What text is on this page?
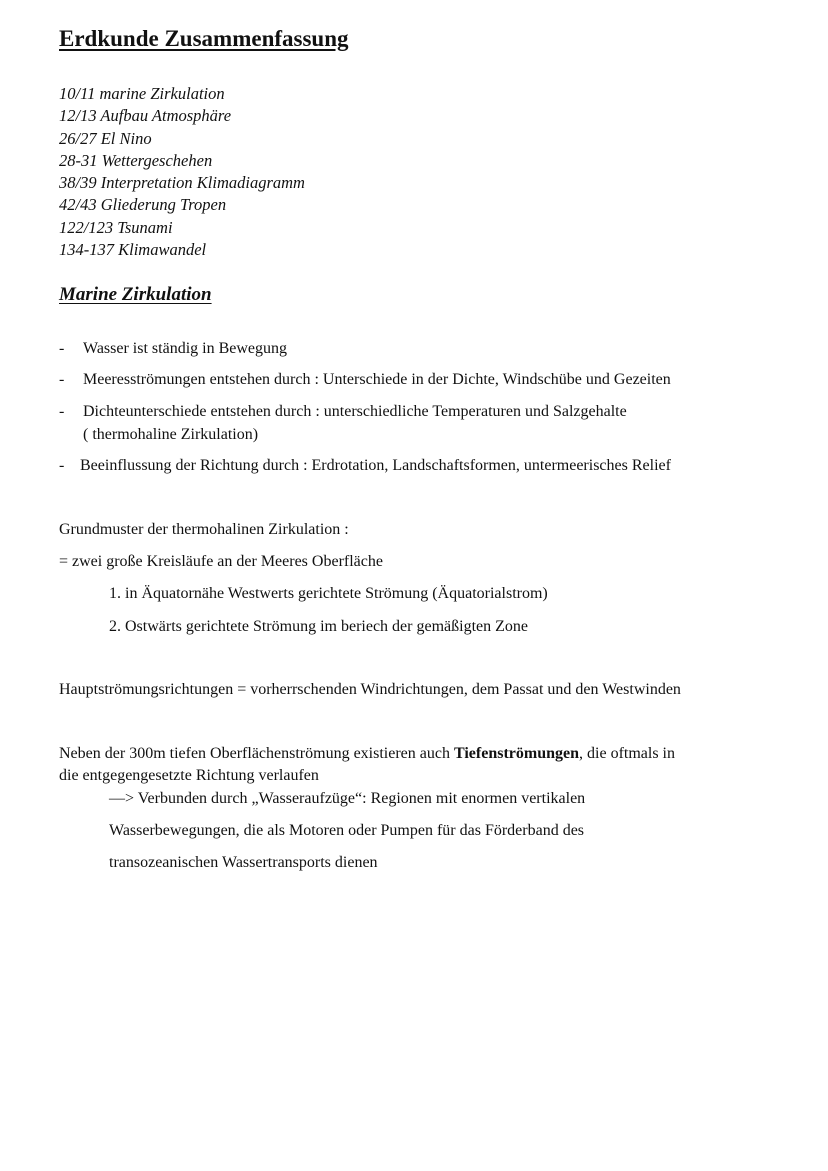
Erdkunde Zusammenfassung
10/11 marine Zirkulation
12/13 Aufbau Atmosphäre
26/27 El Nino
28-31 Wettergeschehen
38/39 Interpretation Klimadiagramm
42/43 Gliederung Tropen
122/123 Tsunami
134-137 Klimawandel
Marine Zirkulation
- Wasser ist ständig in Bewegung
- Meeresströmungen entstehen durch : Unterschiede in der Dichte, Windschübe und Gezeiten
- Dichteunterschiede entstehen durch : unterschiedliche Temperaturen und Salzgehalte
( thermohaline Zirkulation)
- Beeinflussung der Richtung durch : Erdrotation, Landschaftsformen, untermeerisches Relief
Grundmuster der thermohalinen Zirkulation :
= zwei große Kreisläufe an der Meeres Oberfläche
1. in Äquatornähe Westwerts gerichtete Strömung (Äquatorialstrom)
2. Ostwärts gerichtete Strömung im beriech der gemäßigten Zone
Hauptströmungsrichtungen = vorherrschenden Windrichtungen, dem Passat und den Westwinden
Neben der 300m tiefen Oberflächenströmung existieren auch Tiefenströmungen, die oftmals in
die entgegengesetzte Richtung verlaufen
—> Verbunden durch „Wasseraufzüge“: Regionen mit enormen vertikalen
Wasserbewegungen, die als Motoren oder Pumpen für das Förderband des
transozeanischen Wassertransports dienen
